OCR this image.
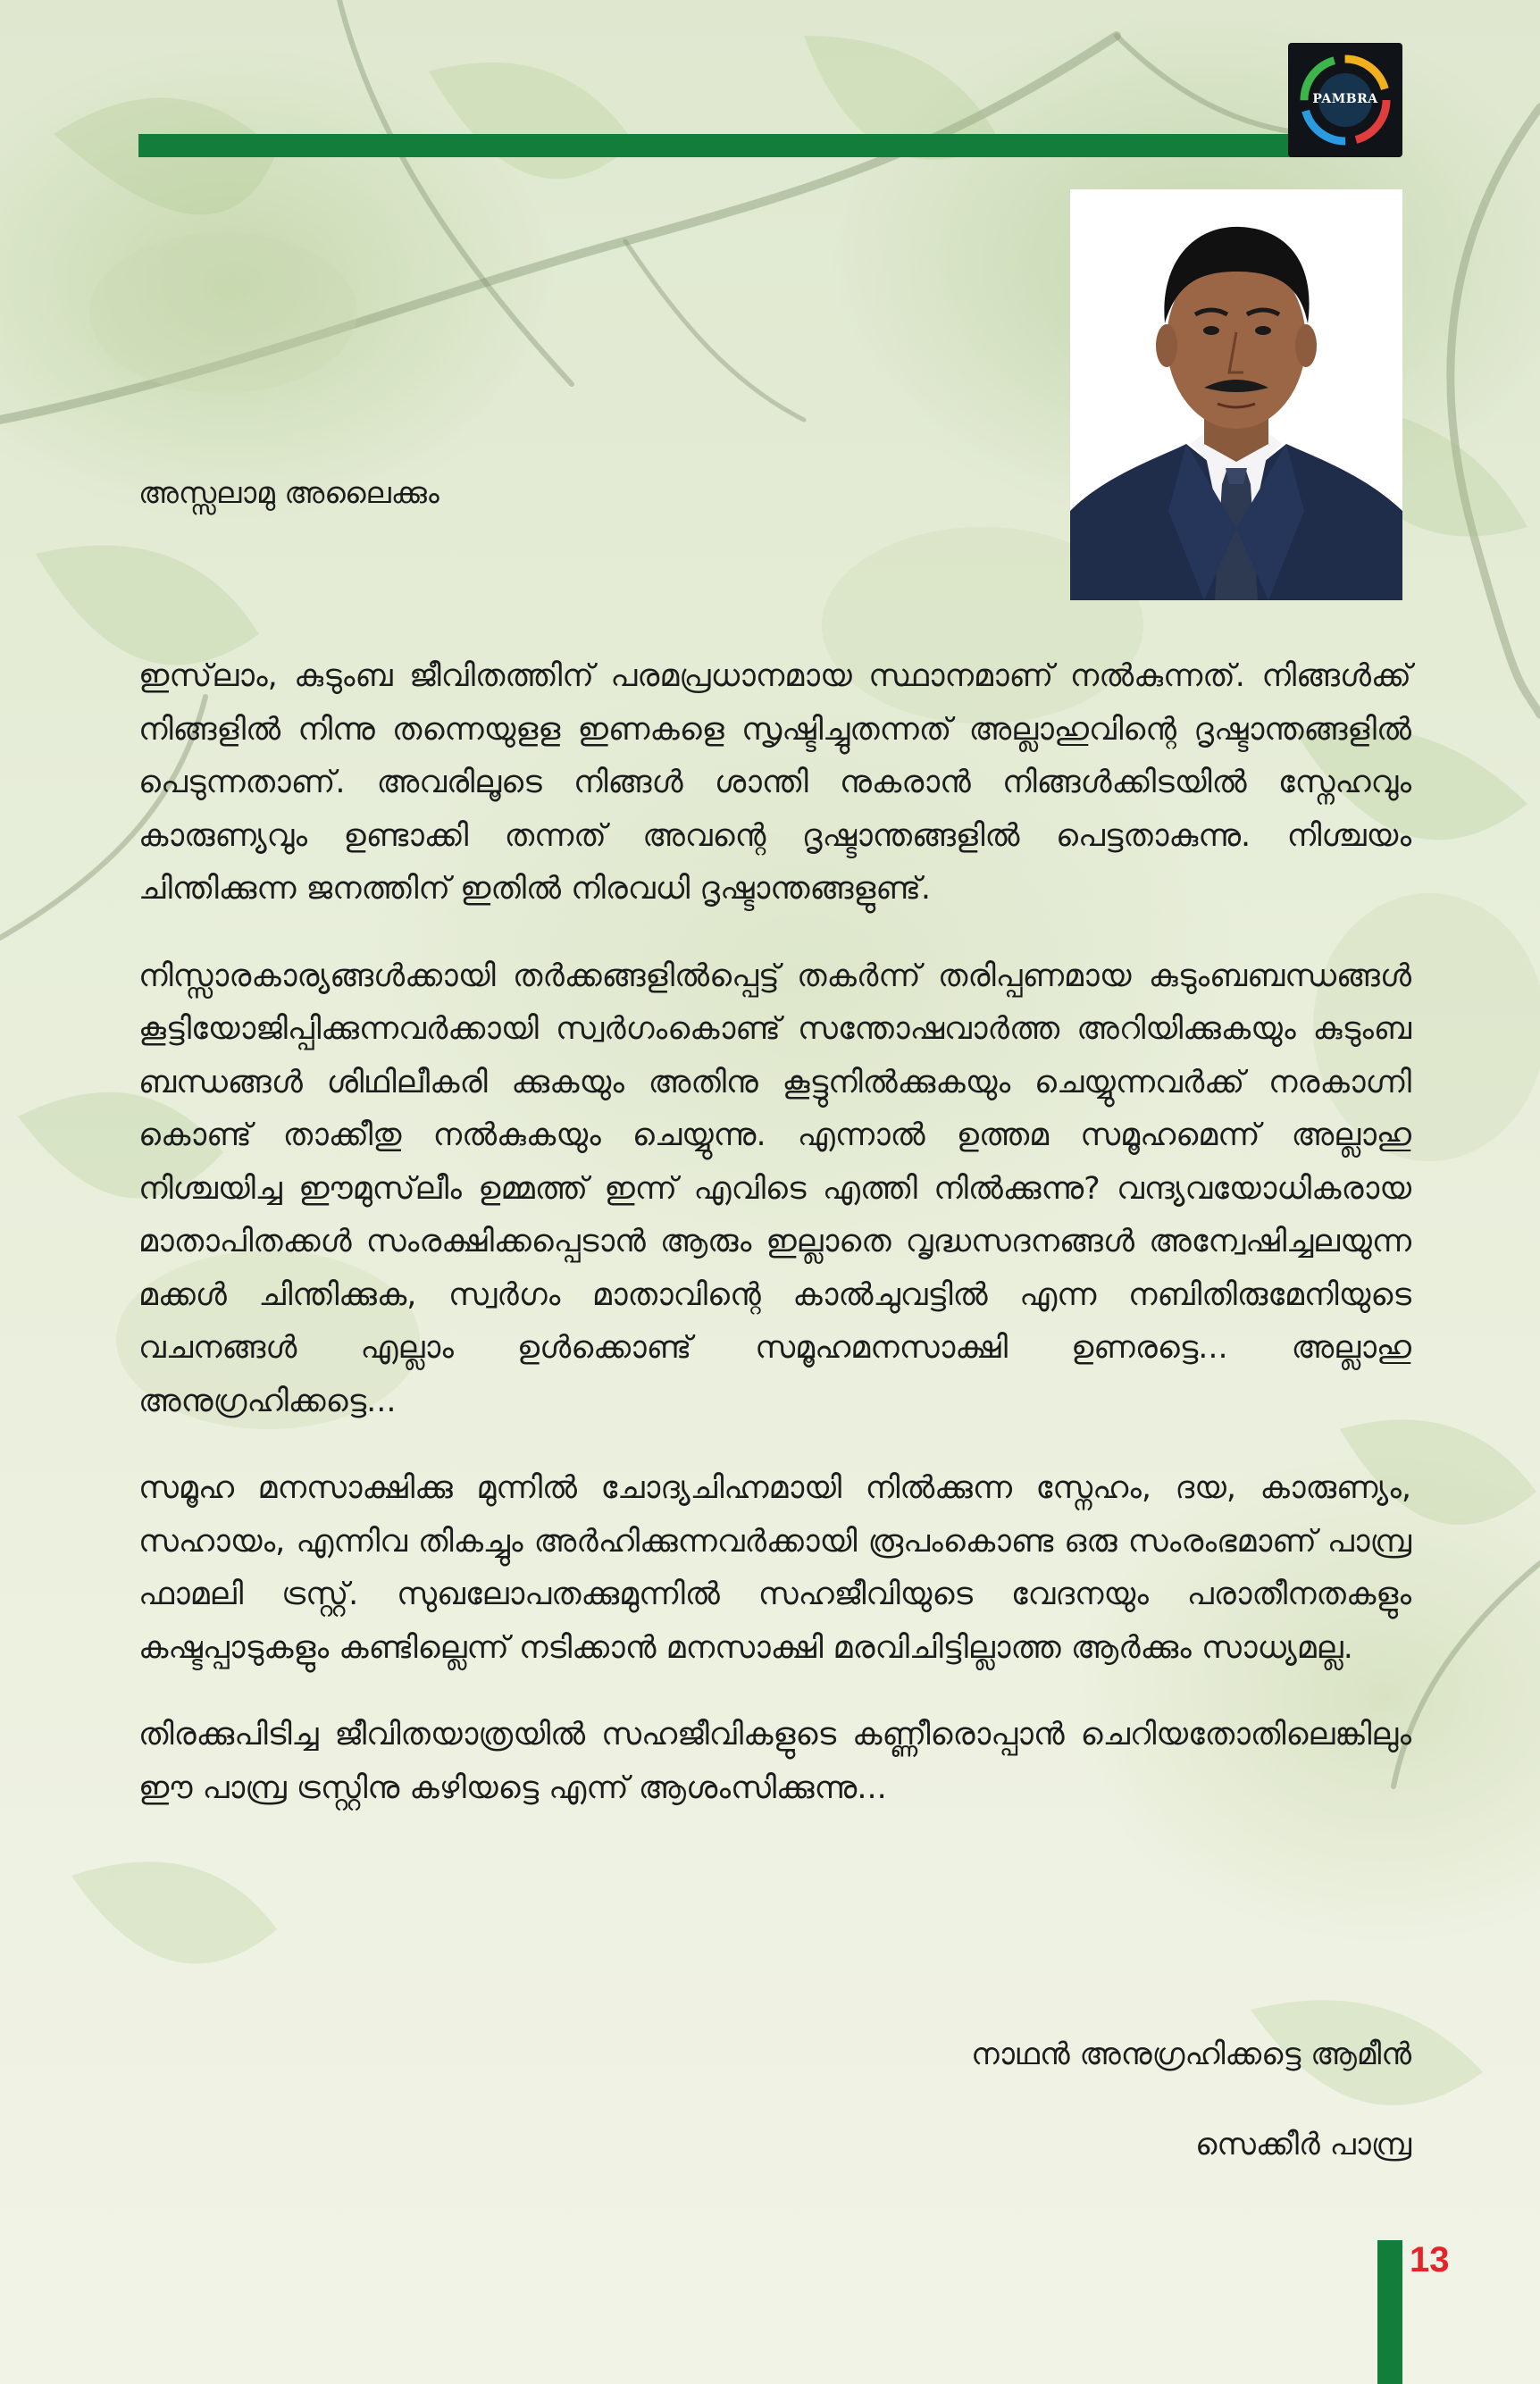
PAMBRA

അസ്സലാമു അലൈക്കും

ഇസ്‌ലാം, കുടുംബ ജീവിതത്തിന് പരമപ്രധാനമായ സ്ഥാനമാണ് നൽകുന്നത്. നിങ്ങൾക്ക് നിങ്ങളിൽ നിന്നു തന്നെയുളള ഇണകളെ സൃഷ്ടിച്ചുതന്നത് അല്ലാഹുവിന്റെ ദൃഷ്ടാന്തങ്ങളിൽ പെടുന്നതാണ്. അവരിലൂടെ നിങ്ങൾ ശാന്തി നുകരാൻ നിങ്ങൾക്കിടയിൽ സ്നേഹവും കാരുണ്യവും ഉണ്ടാക്കി തന്നത് അവന്റെ ദൃഷ്ടാന്തങ്ങളിൽ പെട്ടതാകുന്നു. നിശ്ചയം ചിന്തിക്കുന്ന ജനത്തിന് ഇതിൽ നിരവധി ദൃഷ്ടാന്തങ്ങളുണ്ട്.

നിസ്സാരകാര്യങ്ങൾക്കായി തർക്കങ്ങളിൽപ്പെട്ട് തകർന്ന് തരിപ്പണമായ കുടുംബബന്ധങ്ങൾ കൂട്ടിയോജിപ്പിക്കുന്നവർക്കായി സ്വർഗംകൊണ്ട് സന്തോഷവാർത്ത അറിയിക്കുകയും കുടുംബ ബന്ധങ്ങൾ ശിഥിലീകരി ക്കുകയും അതിനു കൂട്ടുനിൽക്കുകയും ചെയ്യുന്നവർക്ക് നരകാഗ്നി കൊണ്ട് താക്കീതു നൽകുകയും ചെയ്യുന്നു. എന്നാൽ ഉത്തമ സമൂഹമെന്ന് അല്ലാഹു നിശ്ചയിച്ച ഈമുസ്‌ലീം ഉമ്മത്ത് ഇന്ന് എവിടെ എത്തി നിൽക്കുന്നു? വന്ദ്യവയോധികരായ മാതാപിതക്കൾ സംരക്ഷിക്കപ്പെടാൻ ആരും ഇല്ലാതെ വൃദ്ധസദനങ്ങൾ അന്വേഷിച്ചലയുന്ന മക്കൾ ചിന്തിക്കുക, സ്വർഗം മാതാവിന്റെ കാൽചുവട്ടിൽ എന്ന നബിതിരുമേനിയുടെ വചനങ്ങൾ എല്ലാം ഉൾക്കൊണ്ട് സമൂഹമനസാക്ഷി ഉണരട്ടെ... അല്ലാഹു അനുഗ്രഹിക്കട്ടെ...

സമൂഹ മനസാക്ഷിക്കു മുന്നിൽ ചോദ്യചിഹ്നമായി നിൽക്കുന്ന സ്നേഹം, ദയ, കാരുണ്യം, സഹായം, എന്നിവ തികച്ചും അർഹിക്കുന്നവർക്കായി രൂപംകൊണ്ട ഒരു സംരംഭമാണ് പാമ്പ്ര ഫാമലി ട്രസ്റ്റ്. സുഖലോപതക്കുമുന്നിൽ സഹജീവിയുടെ വേദനയും പരാതീനതകളും കഷ്ടപ്പാടുകളും കണ്ടില്ലെന്ന് നടിക്കാൻ മനസാക്ഷി മരവിചിട്ടില്ലാത്ത ആർക്കും സാധ്യമല്ല.

തിരക്കുപിടിച്ച ജീവിതയാത്രയിൽ സഹജീവികളുടെ കണ്ണീരൊപ്പാൻ ചെറിയതോതിലെങ്കിലും ഈ പാമ്പ്ര ട്രസ്റ്റിനു കഴിയട്ടെ എന്ന് ആശംസിക്കുന്നു...

നാഥൻ അനുഗ്രഹിക്കട്ടെ ആമീൻ

സെക്കീർ പാമ്പ്ര

13
